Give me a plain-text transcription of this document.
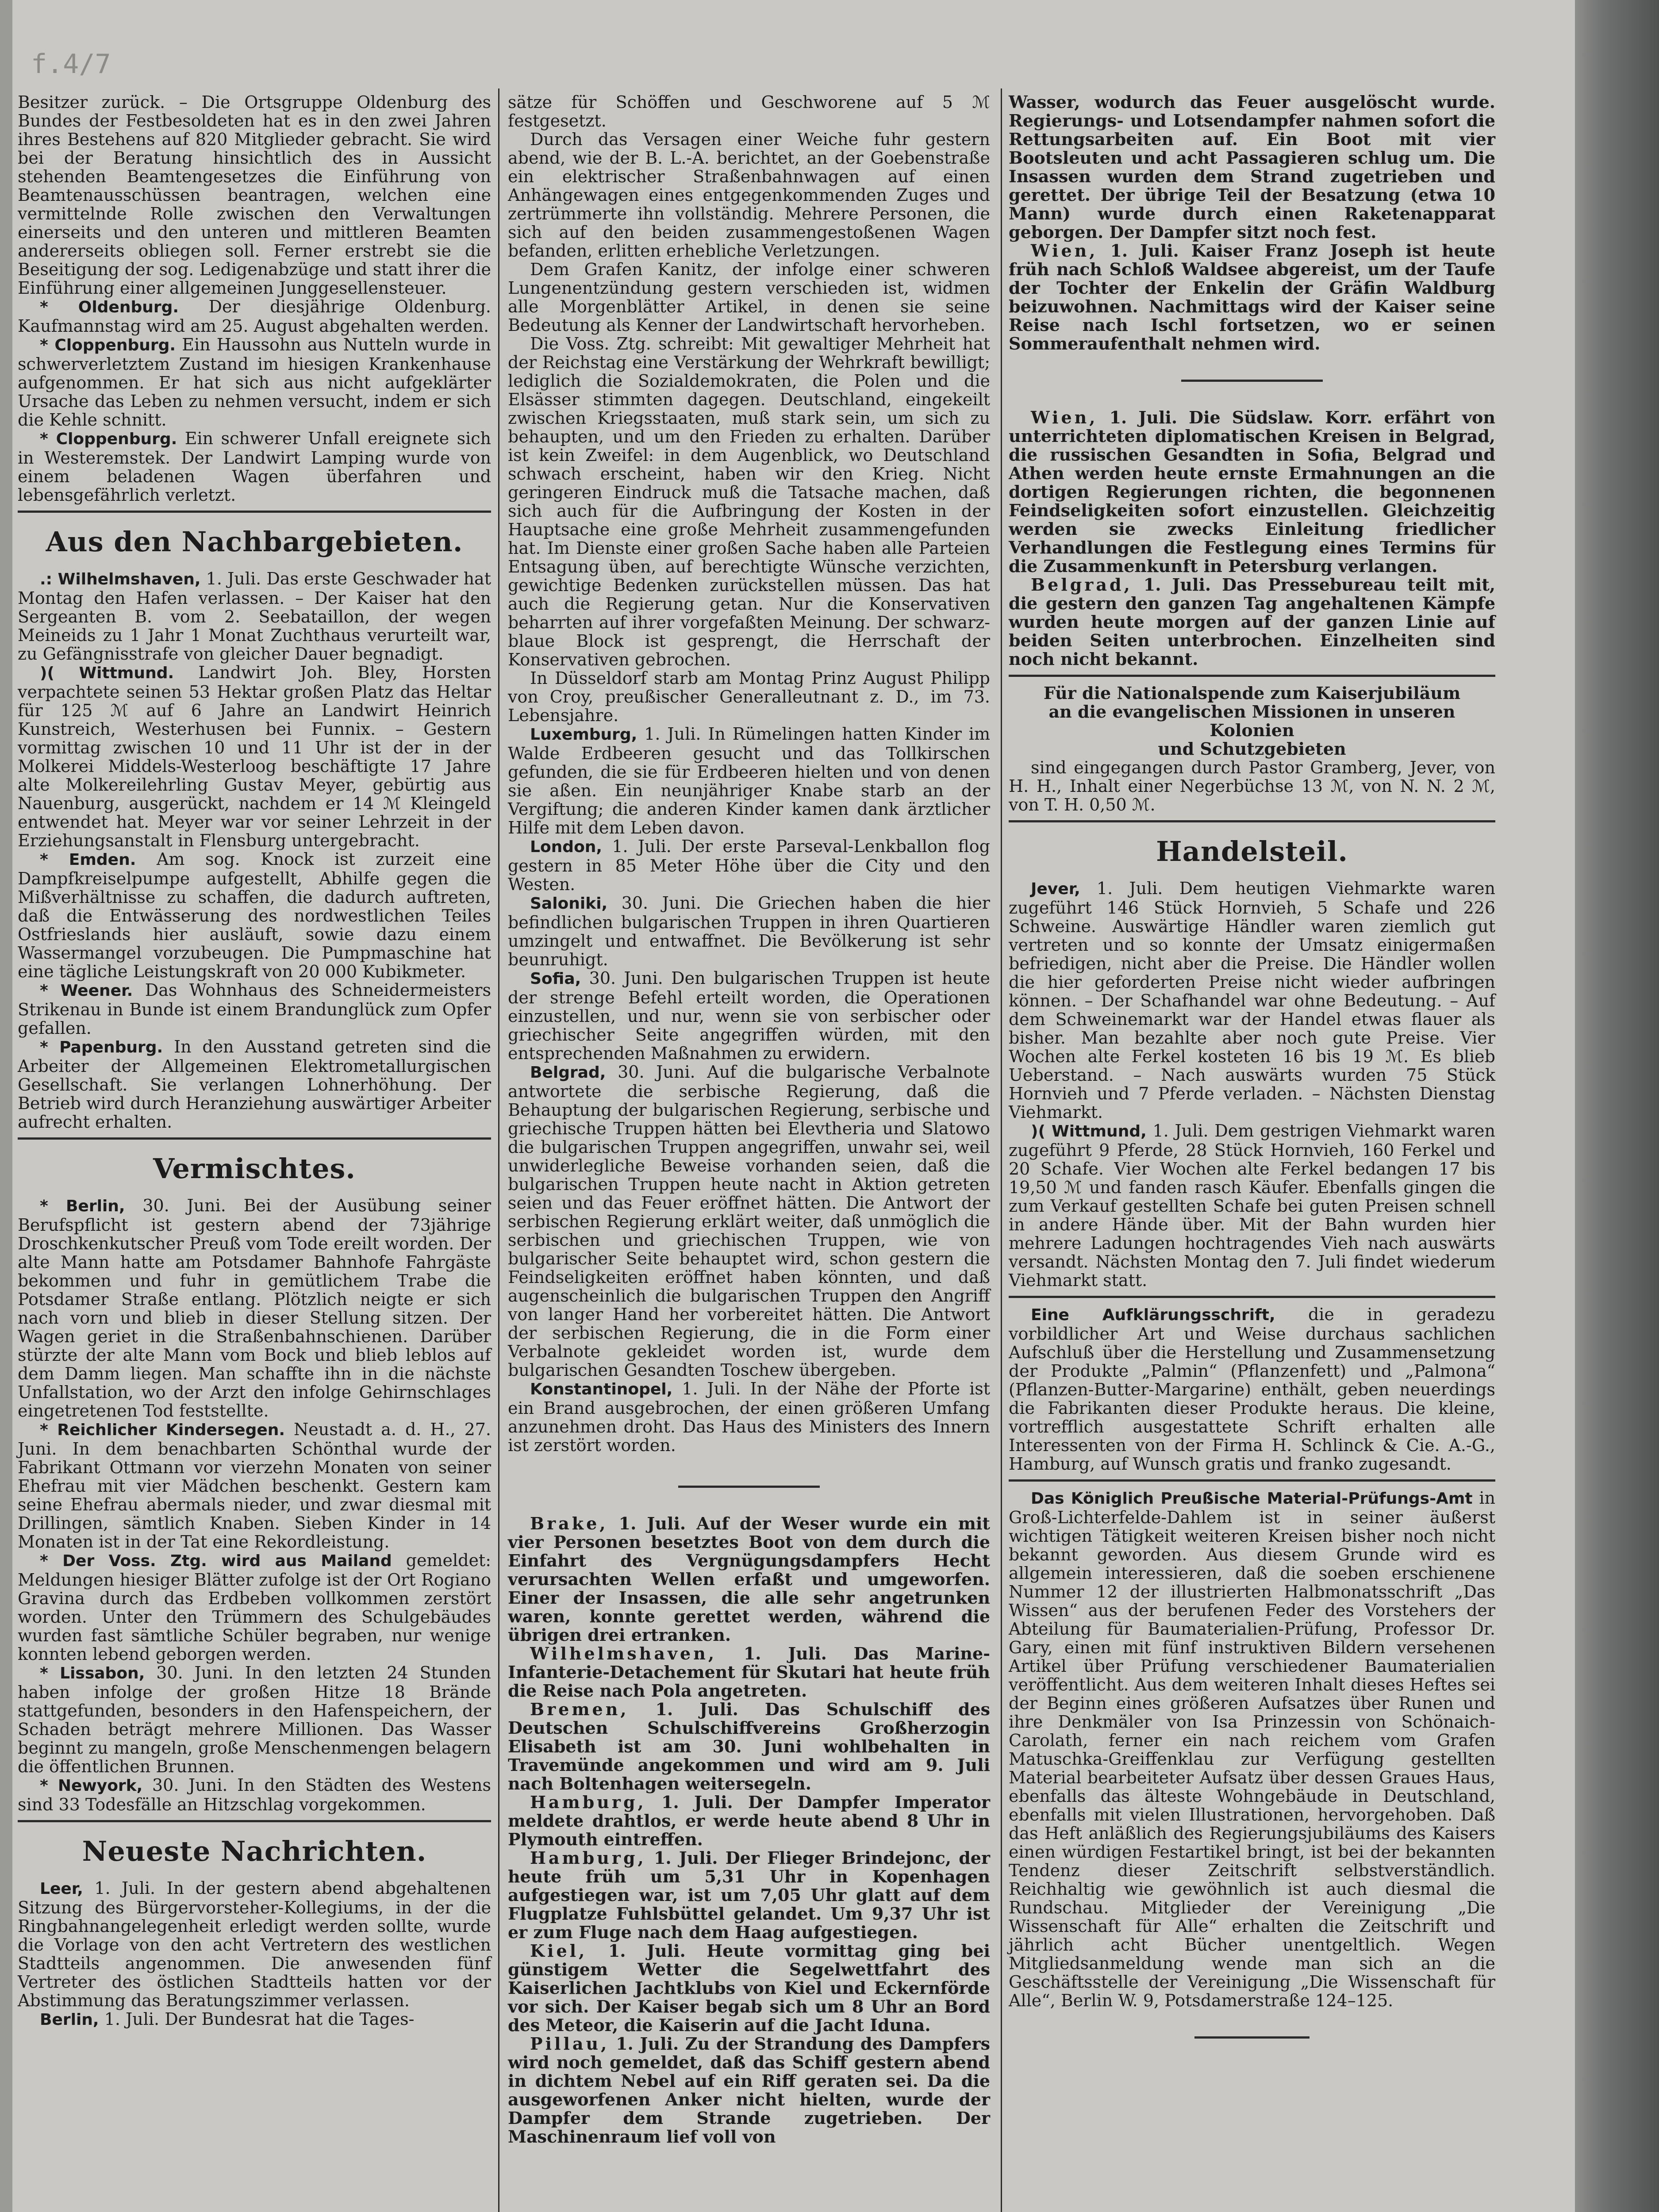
f.4/7

Besitzer zurück. – Die Ortsgruppe Oldenburg des Bundes der Festbesoldeten hat es in den zwei Jahren ihres Bestehens auf 820 Mitglieder gebracht. Sie wird bei der Beratung hinsichtlich des in Aussicht stehenden Beamtengesetzes die Einführung von Beamtenausschüssen beantragen, welchen eine vermittelnde Rolle zwischen den Verwaltungen einerseits und den unteren und mittleren Beamten andererseits obliegen soll. Ferner erstrebt sie die Beseitigung der sog. Ledigenabzüge und statt ihrer die Einführung einer allgemeinen Junggesellensteuer.

* Oldenburg. Der diesjährige Oldenburg. Kaufmannstag wird am 25. August abgehalten werden.

* Cloppenburg. Ein Haussohn aus Nutteln wurde in schwerverletztem Zustand im hiesigen Krankenhause aufgenommen. Er hat sich aus nicht aufgeklärter Ursache das Leben zu nehmen versucht, indem er sich die Kehle schnitt.

* Cloppenburg. Ein schwerer Unfall ereignete sich in Westeremstek. Der Landwirt Lamping wurde von einem beladenen Wagen überfahren und lebensgefährlich verletzt.

Aus den Nachbargebieten.

.: Wilhelmshaven, 1. Juli. Das erste Geschwader hat Montag den Hafen verlassen. – Der Kaiser hat den Sergeanten B. vom 2. Seebataillon, der wegen Meineids zu 1 Jahr 1 Monat Zuchthaus verurteilt war, zu Gefängnisstrafe von gleicher Dauer begnadigt.

)( Wittmund. Landwirt Joh. Bley, Horsten verpachtete seinen 53 Hektar großen Platz das Heltar für 125 ℳ auf 6 Jahre an Landwirt Heinrich Kunstreich, Westerhusen bei Funnix. – Gestern vormittag zwischen 10 und 11 Uhr ist der in der Molkerei Middels-Westerloog beschäftigte 17 Jahre alte Molkereilehrling Gustav Meyer, gebürtig aus Nauenburg, ausgerückt, nachdem er 14 ℳ Kleingeld entwendet hat. Meyer war vor seiner Lehrzeit in der Erziehungsanstalt in Flensburg untergebracht.

* Emden. Am sog. Knock ist zurzeit eine Dampfkreiselpumpe aufgestellt, Abhilfe gegen die Mißverhältnisse zu schaffen, die dadurch auftreten, daß die Entwässerung des nordwestlichen Teiles Ostfrieslands hier ausläuft, sowie dazu einem Wassermangel vorzubeugen. Die Pumpmaschine hat eine tägliche Leistungskraft von 20 000 Kubikmeter.

* Weener. Das Wohnhaus des Schneidermeisters Strikenau in Bunde ist einem Brandunglück zum Opfer gefallen.

* Papenburg. In den Ausstand getreten sind die Arbeiter der Allgemeinen Elektrometallurgischen Gesellschaft. Sie verlangen Lohnerhöhung. Der Betrieb wird durch Heranziehung auswärtiger Arbeiter aufrecht erhalten.

Vermischtes.

* Berlin, 30. Juni. Bei der Ausübung seiner Berufspflicht ist gestern abend der 73jährige Droschkenkutscher Preuß vom Tode ereilt worden. Der alte Mann hatte am Potsdamer Bahnhofe Fahrgäste bekommen und fuhr in gemütlichem Trabe die Potsdamer Straße entlang. Plötzlich neigte er sich nach vorn und blieb in dieser Stellung sitzen. Der Wagen geriet in die Straßenbahnschienen. Darüber stürzte der alte Mann vom Bock und blieb leblos auf dem Damm liegen. Man schaffte ihn in die nächste Unfallstation, wo der Arzt den infolge Gehirnschlages eingetretenen Tod feststellte.

* Reichlicher Kindersegen. Neustadt a. d. H., 27. Juni. In dem benachbarten Schönthal wurde der Fabrikant Ottmann vor vierzehn Monaten von seiner Ehefrau mit vier Mädchen beschenkt. Gestern kam seine Ehefrau abermals nieder, und zwar diesmal mit Drillingen, sämtlich Knaben. Sieben Kinder in 14 Monaten ist in der Tat eine Rekordleistung.

* Der Voss. Ztg. wird aus Mailand gemeldet: Meldungen hiesiger Blätter zufolge ist der Ort Rogiano Gravina durch das Erdbeben vollkommen zerstört worden. Unter den Trümmern des Schulgebäudes wurden fast sämtliche Schüler begraben, nur wenige konnten lebend geborgen werden.

* Lissabon, 30. Juni. In den letzten 24 Stunden haben infolge der großen Hitze 18 Brände stattgefunden, besonders in den Hafenspeichern, der Schaden beträgt mehrere Millionen. Das Wasser beginnt zu mangeln, große Menschenmengen belagern die öffentlichen Brunnen.

* Newyork, 30. Juni. In den Städten des Westens sind 33 Todesfälle an Hitzschlag vorgekommen.

Neueste Nachrichten.

Leer, 1. Juli. In der gestern abend abgehaltenen Sitzung des Bürgervorsteher-Kollegiums, in der die Ringbahnangelegenheit erledigt werden sollte, wurde die Vorlage von den acht Vertretern des westlichen Stadtteils angenommen. Die anwesenden fünf Vertreter des östlichen Stadtteils hatten vor der Abstimmung das Beratungszimmer verlassen.

Berlin, 1. Juli. Der Bundesrat hat die Tages-

sätze für Schöffen und Geschworene auf 5 ℳ festgesetzt.

Durch das Versagen einer Weiche fuhr gestern abend, wie der B. L.-A. berichtet, an der Goebenstraße ein elektrischer Straßenbahnwagen auf einen Anhängewagen eines entgegenkommenden Zuges und zertrümmerte ihn vollständig. Mehrere Personen, die sich auf den beiden zusammengestoßenen Wagen befanden, erlitten erhebliche Verletzungen.

Dem Grafen Kanitz, der infolge einer schweren Lungenentzündung gestern verschieden ist, widmen alle Morgenblätter Artikel, in denen sie seine Bedeutung als Kenner der Landwirtschaft hervorheben.

Die Voss. Ztg. schreibt: Mit gewaltiger Mehrheit hat der Reichstag eine Verstärkung der Wehrkraft bewilligt; lediglich die Sozialdemokraten, die Polen und die Elsässer stimmten dagegen. Deutschland, eingekeilt zwischen Kriegsstaaten, muß stark sein, um sich zu behaupten, und um den Frieden zu erhalten. Darüber ist kein Zweifel: in dem Augenblick, wo Deutschland schwach erscheint, haben wir den Krieg. Nicht geringeren Eindruck muß die Tatsache machen, daß sich auch für die Aufbringung der Kosten in der Hauptsache eine große Mehrheit zusammengefunden hat. Im Dienste einer großen Sache haben alle Parteien Entsagung üben, auf berechtigte Wünsche verzichten, gewichtige Bedenken zurückstellen müssen. Das hat auch die Regierung getan. Nur die Konservativen beharrten auf ihrer vorgefaßten Meinung. Der schwarz-blaue Block ist gesprengt, die Herrschaft der Konservativen gebrochen.

In Düsseldorf starb am Montag Prinz August Philipp von Croy, preußischer Generalleutnant z. D., im 73. Lebensjahre.

Luxemburg, 1. Juli. In Rümelingen hatten Kinder im Walde Erdbeeren gesucht und das Tollkirschen gefunden, die sie für Erdbeeren hielten und von denen sie aßen. Ein neunjähriger Knabe starb an der Vergiftung; die anderen Kinder kamen dank ärztlicher Hilfe mit dem Leben davon.

London, 1. Juli. Der erste Parseval-Lenkballon flog gestern in 85 Meter Höhe über die City und den Westen.

Saloniki, 30. Juni. Die Griechen haben die hier befindlichen bulgarischen Truppen in ihren Quartieren umzingelt und entwaffnet. Die Bevölkerung ist sehr beunruhigt.

Sofia, 30. Juni. Den bulgarischen Truppen ist heute der strenge Befehl erteilt worden, die Operationen einzustellen, und nur, wenn sie von serbischer oder griechischer Seite angegriffen würden, mit den entsprechenden Maßnahmen zu erwidern.

Belgrad, 30. Juni. Auf die bulgarische Verbalnote antwortete die serbische Regierung, daß die Behauptung der bulgarischen Regierung, serbische und griechische Truppen hätten bei Elevtheria und Slatowo die bulgarischen Truppen angegriffen, unwahr sei, weil unwiderlegliche Beweise vorhanden seien, daß die bulgarischen Truppen heute nacht in Aktion getreten seien und das Feuer eröffnet hätten. Die Antwort der serbischen Regierung erklärt weiter, daß unmöglich die serbischen und griechischen Truppen, wie von bulgarischer Seite behauptet wird, schon gestern die Feindseligkeiten eröffnet haben könnten, und daß augenscheinlich die bulgarischen Truppen den Angriff von langer Hand her vorbereitet hätten. Die Antwort der serbischen Regierung, die in die Form einer Verbalnote gekleidet worden ist, wurde dem bulgarischen Gesandten Toschew übergeben.

Konstantinopel, 1. Juli. In der Nähe der Pforte ist ein Brand ausgebrochen, der einen größeren Umfang anzunehmen droht. Das Haus des Ministers des Innern ist zerstört worden.

Brake, 1. Juli. Auf der Weser wurde ein mit vier Personen besetztes Boot von dem durch die Einfahrt des Vergnügungsdampfers Hecht verursachten Wellen erfaßt und umgeworfen. Einer der Insassen, die alle sehr angetrunken waren, konnte gerettet werden, während die übrigen drei ertranken.

Wilhelmshaven, 1. Juli. Das Marine-Infanterie-Detachement für Skutari hat heute früh die Reise nach Pola angetreten.

Bremen, 1. Juli. Das Schulschiff des Deutschen Schulschiffvereins Großherzogin Elisabeth ist am 30. Juni wohlbehalten in Travemünde angekommen und wird am 9. Juli nach Boltenhagen weitersegeln.

Hamburg, 1. Juli. Der Dampfer Imperator meldete drahtlos, er werde heute abend 8 Uhr in Plymouth eintreffen.

Hamburg, 1. Juli. Der Flieger Brindejonc, der heute früh um 5,31 Uhr in Kopenhagen aufgestiegen war, ist um 7,05 Uhr glatt auf dem Flugplatze Fuhlsbüttel gelandet. Um 9,37 Uhr ist er zum Fluge nach dem Haag aufgestiegen.

Kiel, 1. Juli. Heute vormittag ging bei günstigem Wetter die Segelwettfahrt des Kaiserlichen Jachtklubs von Kiel und Eckernförde vor sich. Der Kaiser begab sich um 8 Uhr an Bord des Meteor, die Kaiserin auf die Jacht Iduna.

Pillau, 1. Juli. Zu der Strandung des Dampfers wird noch gemeldet, daß das Schiff gestern abend in dichtem Nebel auf ein Riff geraten sei. Da die ausgeworfenen Anker nicht hielten, wurde der Dampfer dem Strande zugetrieben. Der Maschinenraum lief voll von

Wasser, wodurch das Feuer ausgelöscht wurde. Regierungs- und Lotsendampfer nahmen sofort die Rettungsarbeiten auf. Ein Boot mit vier Bootsleuten und acht Passagieren schlug um. Die Insassen wurden dem Strand zugetrieben und gerettet. Der übrige Teil der Besatzung (etwa 10 Mann) wurde durch einen Raketenapparat geborgen. Der Dampfer sitzt noch fest.

Wien, 1. Juli. Kaiser Franz Joseph ist heute früh nach Schloß Waldsee abgereist, um der Taufe der Tochter der Enkelin der Gräfin Waldburg beizuwohnen. Nachmittags wird der Kaiser seine Reise nach Ischl fortsetzen, wo er seinen Sommeraufenthalt nehmen wird.

Wien, 1. Juli. Die Südslaw. Korr. erfährt von unterrichteten diplomatischen Kreisen in Belgrad, die russischen Gesandten in Sofia, Belgrad und Athen werden heute ernste Ermahnungen an die dortigen Regierungen richten, die begonnenen Feindseligkeiten sofort einzustellen. Gleichzeitig werden sie zwecks Einleitung friedlicher Verhandlungen die Festlegung eines Termins für die Zusammenkunft in Petersburg verlangen.

Belgrad, 1. Juli. Das Pressebureau teilt mit, die gestern den ganzen Tag angehaltenen Kämpfe wurden heute morgen auf der ganzen Linie auf beiden Seiten unterbrochen. Einzelheiten sind noch nicht bekannt.

Für die Nationalspende zum Kaiserjubiläum

an die evangelischen Missionen in unseren Kolonien

und Schutzgebieten

sind eingegangen durch Pastor Gramberg, Jever, von H. H., Inhalt einer Negerbüchse 13 ℳ, von N. N. 2 ℳ, von T. H. 0,50 ℳ.

Handelsteil.

Jever, 1. Juli. Dem heutigen Viehmarkte waren zugeführt 146 Stück Hornvieh, 5 Schafe und 226 Schweine. Auswärtige Händler waren ziemlich gut vertreten und so konnte der Umsatz einigermaßen befriedigen, nicht aber die Preise. Die Händler wollen die hier geforderten Preise nicht wieder aufbringen können. – Der Schafhandel war ohne Bedeutung. – Auf dem Schweinemarkt war der Handel etwas flauer als bisher. Man bezahlte aber noch gute Preise. Vier Wochen alte Ferkel kosteten 16 bis 19 ℳ. Es blieb Ueberstand. – Nach auswärts wurden 75 Stück Hornvieh und 7 Pferde verladen. – Nächsten Dienstag Viehmarkt.

)( Wittmund, 1. Juli. Dem gestrigen Viehmarkt waren zugeführt 9 Pferde, 28 Stück Hornvieh, 160 Ferkel und 20 Schafe. Vier Wochen alte Ferkel bedangen 17 bis 19,50 ℳ und fanden rasch Käufer. Ebenfalls gingen die zum Verkauf gestellten Schafe bei guten Preisen schnell in andere Hände über. Mit der Bahn wurden hier mehrere Ladungen hochtragendes Vieh nach auswärts versandt. Nächsten Montag den 7. Juli findet wiederum Viehmarkt statt.

Eine Aufklärungsschrift, die in geradezu vorbildlicher Art und Weise durchaus sachlichen Aufschluß über die Herstellung und Zusammensetzung der Produkte „Palmin“ (Pflanzenfett) und „Palmona“ (Pflanzen-Butter-Margarine) enthält, geben neuerdings die Fabrikanten dieser Produkte heraus. Die kleine, vortrefflich ausgestattete Schrift erhalten alle Interessenten von der Firma H. Schlinck & Cie. A.-G., Hamburg, auf Wunsch gratis und franko zugesandt.

Das Königlich Preußische Material-Prüfungs-Amt in Groß-Lichterfelde-Dahlem ist in seiner äußerst wichtigen Tätigkeit weiteren Kreisen bisher noch nicht bekannt geworden. Aus diesem Grunde wird es allgemein interessieren, daß die soeben erschienene Nummer 12 der illustrierten Halbmonatsschrift „Das Wissen“ aus der berufenen Feder des Vorstehers der Abteilung für Baumaterialien-Prüfung, Professor Dr. Gary, einen mit fünf instruktiven Bildern versehenen Artikel über Prüfung verschiedener Baumaterialien veröffentlicht. Aus dem weiteren Inhalt dieses Heftes sei der Beginn eines größeren Aufsatzes über Runen und ihre Denkmäler von Isa Prinzessin von Schönaich-Carolath, ferner ein nach reichem vom Grafen Matuschka-Greiffenklau zur Verfügung gestellten Material bearbeiteter Aufsatz über dessen Graues Haus, ebenfalls das älteste Wohngebäude in Deutschland, ebenfalls mit vielen Illustrationen, hervorgehoben. Daß das Heft anläßlich des Regierungsjubiläums des Kaisers einen würdigen Festartikel bringt, ist bei der bekannten Tendenz dieser Zeitschrift selbstverständlich. Reichhaltig wie gewöhnlich ist auch diesmal die Rundschau. Mitglieder der Vereinigung „Die Wissenschaft für Alle“ erhalten die Zeitschrift und jährlich acht Bücher unentgeltlich. Wegen Mitgliedsanmeldung wende man sich an die Geschäftsstelle der Vereinigung „Die Wissenschaft für Alle“, Berlin W. 9, Potsdamerstraße 124–125.
